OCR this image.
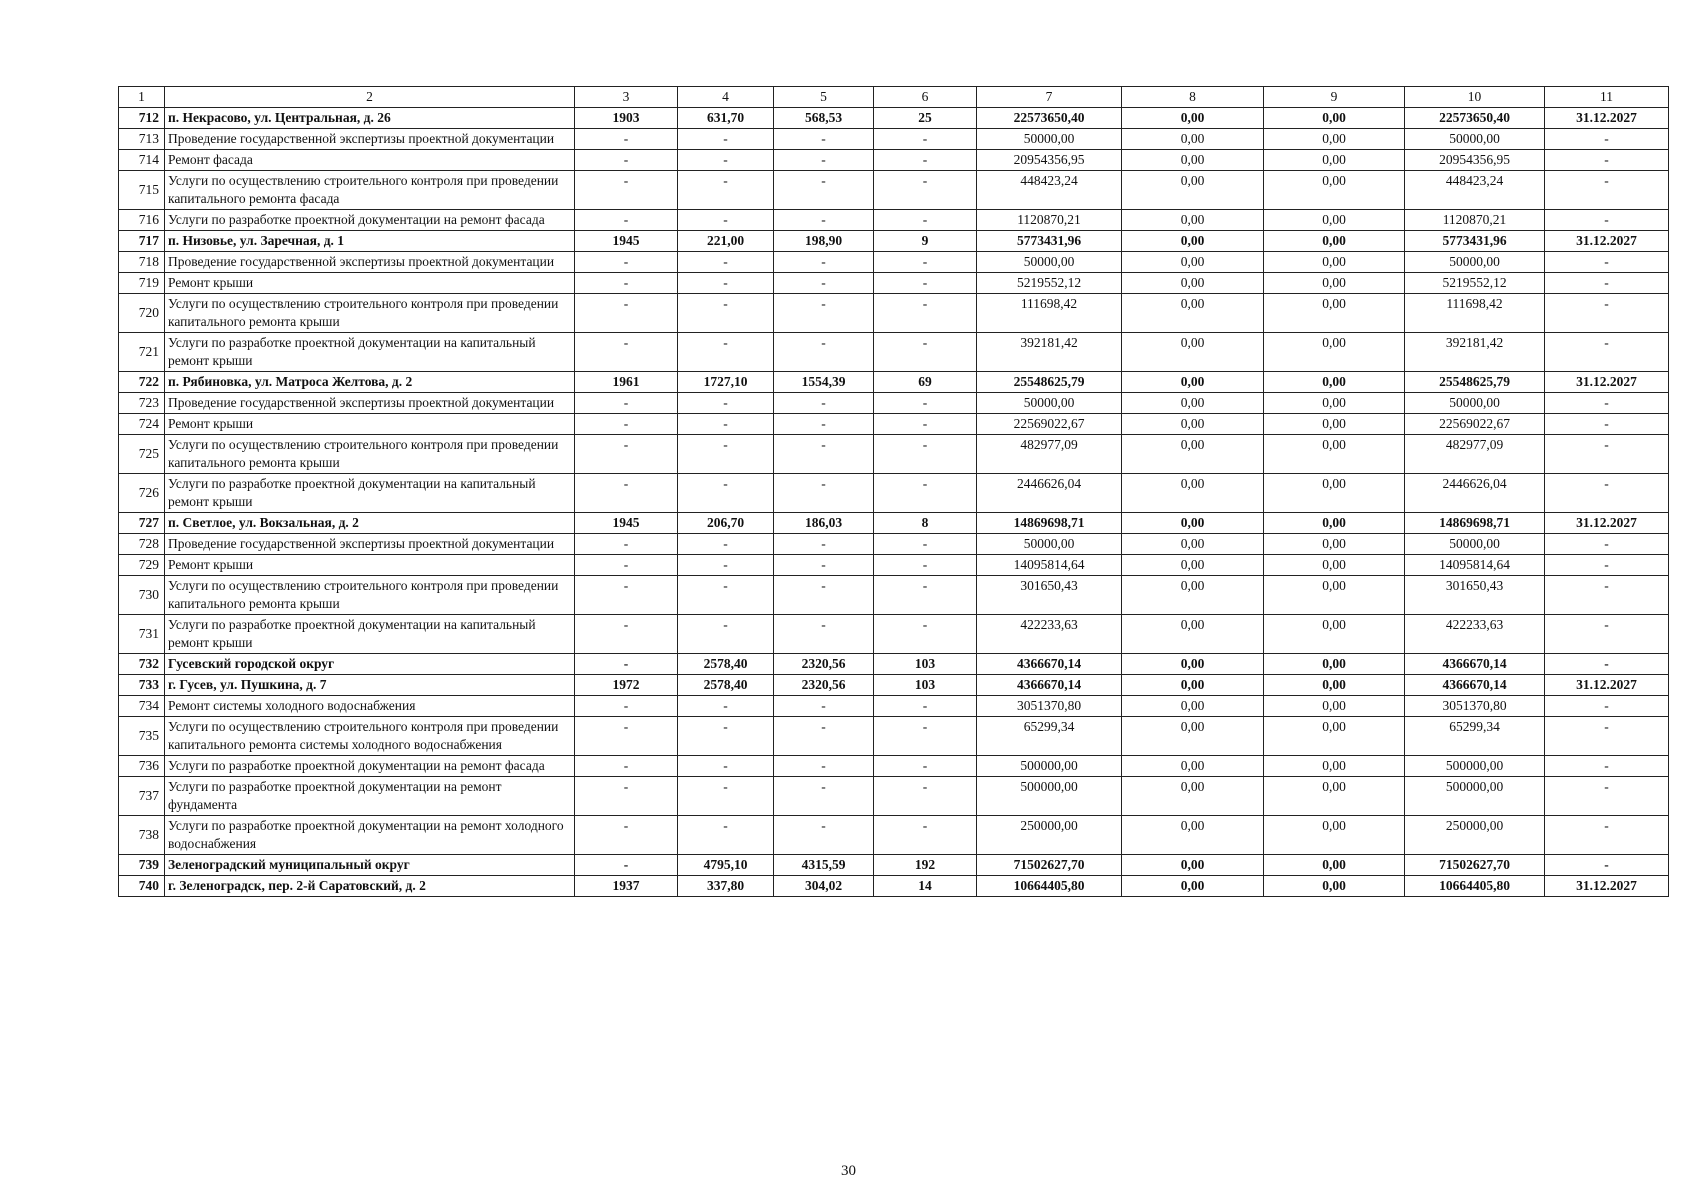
1	2	3	4	5	6	7	8	9	10	11
712	п. Некрасово, ул. Центральная, д. 26	1903	631,70	568,53	25	22573650,40	0,00	0,00	22573650,40	31.12.2027
713	Проведение государственной экспертизы проектной документации	-	-	-	-	50000,00	0,00	0,00	50000,00	-
714	Ремонт фасада	-	-	-	-	20954356,95	0,00	0,00	20954356,95	-
715	Услуги по осуществлению строительного контроля при проведении капитального ремонта фасада	-	-	-	-	448423,24	0,00	0,00	448423,24	-
716	Услуги по разработке проектной документации на ремонт фасада	-	-	-	-	1120870,21	0,00	0,00	1120870,21	-
717	п. Низовье, ул. Заречная, д. 1	1945	221,00	198,90	9	5773431,96	0,00	0,00	5773431,96	31.12.2027
718	Проведение государственной экспертизы проектной документации	-	-	-	-	50000,00	0,00	0,00	50000,00	-
719	Ремонт крыши	-	-	-	-	5219552,12	0,00	0,00	5219552,12	-
720	Услуги по осуществлению строительного контроля при проведении капитального ремонта крыши	-	-	-	-	111698,42	0,00	0,00	111698,42	-
721	Услуги по разработке проектной документации на капитальный ремонт крыши	-	-	-	-	392181,42	0,00	0,00	392181,42	-
722	п. Рябиновка, ул. Матроса Желтова, д. 2	1961	1727,10	1554,39	69	25548625,79	0,00	0,00	25548625,79	31.12.2027
723	Проведение государственной экспертизы проектной документации	-	-	-	-	50000,00	0,00	0,00	50000,00	-
724	Ремонт крыши	-	-	-	-	22569022,67	0,00	0,00	22569022,67	-
725	Услуги по осуществлению строительного контроля при проведении капитального ремонта крыши	-	-	-	-	482977,09	0,00	0,00	482977,09	-
726	Услуги по разработке проектной документации на капитальный ремонт крыши	-	-	-	-	2446626,04	0,00	0,00	2446626,04	-
727	п. Светлое, ул. Вокзальная, д. 2	1945	206,70	186,03	8	14869698,71	0,00	0,00	14869698,71	31.12.2027
728	Проведение государственной экспертизы проектной документации	-	-	-	-	50000,00	0,00	0,00	50000,00	-
729	Ремонт крыши	-	-	-	-	14095814,64	0,00	0,00	14095814,64	-
730	Услуги по осуществлению строительного контроля при проведении капитального ремонта крыши	-	-	-	-	301650,43	0,00	0,00	301650,43	-
731	Услуги по разработке проектной документации на капитальный ремонт крыши	-	-	-	-	422233,63	0,00	0,00	422233,63	-
732	Гусевский городской округ	-	2578,40	2320,56	103	4366670,14	0,00	0,00	4366670,14	-
733	г. Гусев, ул. Пушкина, д. 7	1972	2578,40	2320,56	103	4366670,14	0,00	0,00	4366670,14	31.12.2027
734	Ремонт системы холодного водоснабжения	-	-	-	-	3051370,80	0,00	0,00	3051370,80	-
735	Услуги по осуществлению строительного контроля при проведении капитального ремонта системы холодного водоснабжения	-	-	-	-	65299,34	0,00	0,00	65299,34	-
736	Услуги по разработке проектной документации на ремонт фасада	-	-	-	-	500000,00	0,00	0,00	500000,00	-
737	Услуги по разработке проектной документации на ремонт фундамента	-	-	-	-	500000,00	0,00	0,00	500000,00	-
738	Услуги по разработке проектной документации на ремонт холодного водоснабжения	-	-	-	-	250000,00	0,00	0,00	250000,00	-
739	Зеленоградский муниципальный округ	-	4795,10	4315,59	192	71502627,70	0,00	0,00	71502627,70	-
740	г. Зеленоградск, пер. 2-й Саратовский, д. 2	1937	337,80	304,02	14	10664405,80	0,00	0,00	10664405,80	31.12.2027
30
